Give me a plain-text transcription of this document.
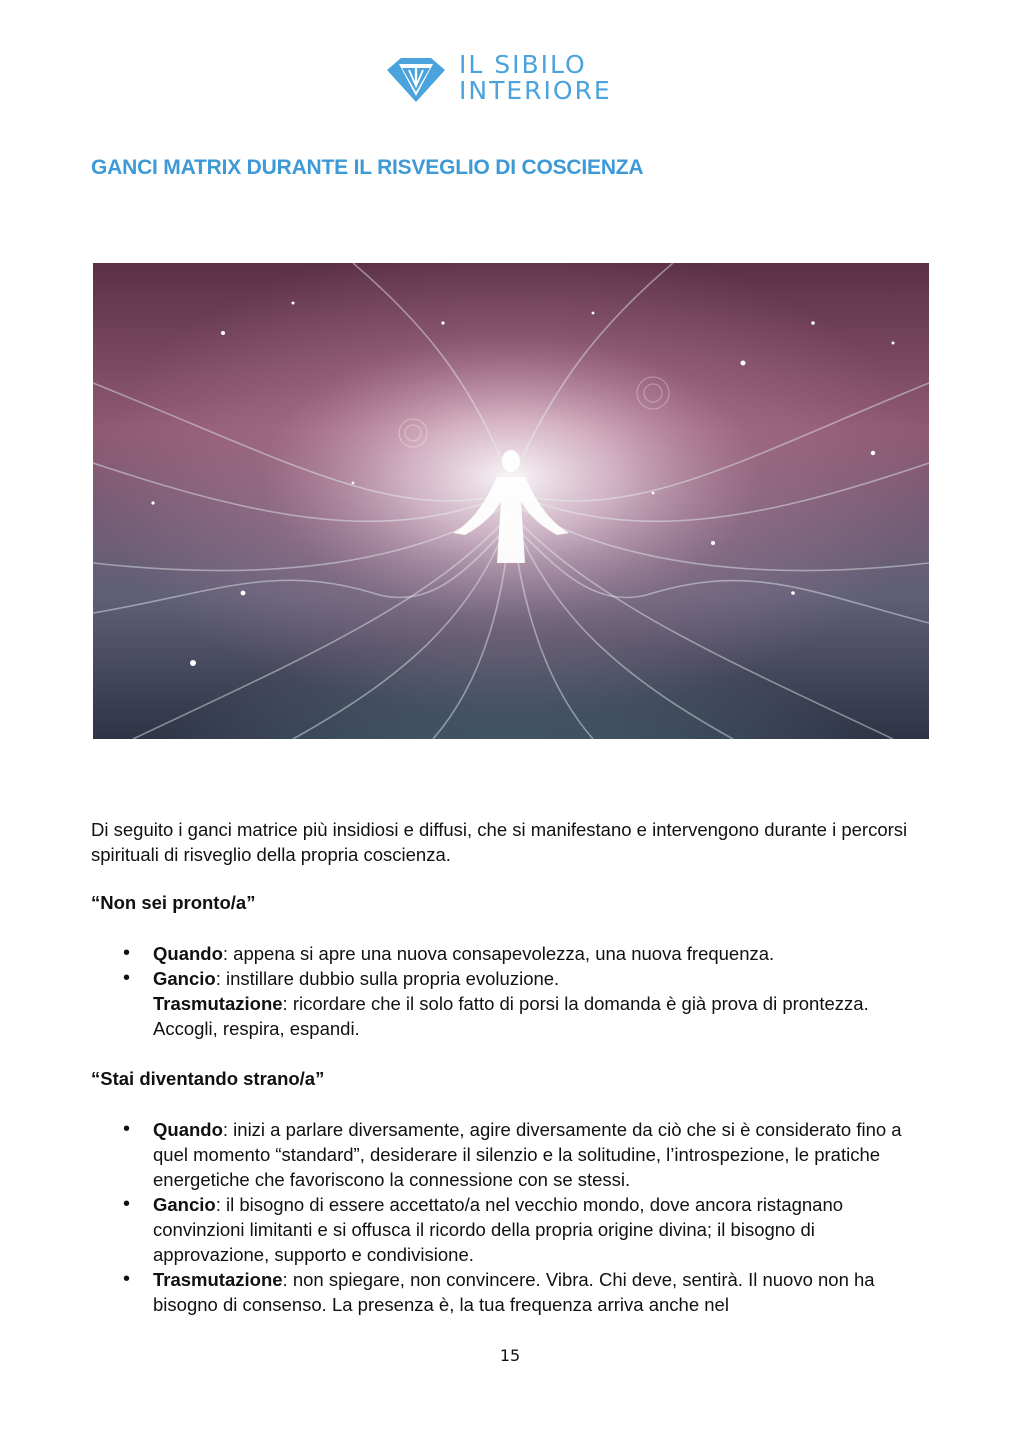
IL SIBILO
INTERIORE
GANCI MATRIX DURANTE IL RISVEGLIO DI COSCIENZA
Di seguito i ganci matrice più insidiosi e diffusi, che si manifestano e intervengono durante i percorsi spirituali di risveglio della propria coscienza.
“Non sei pronto/a”
• Quando: appena si apre una nuova consapevolezza, una nuova frequenza.
• Gancio: instillare dubbio sulla propria evoluzione.
Trasmutazione: ricordare che il solo fatto di porsi la domanda è già prova di prontezza. Accogli, respira, espandi.
“Stai diventando strano/a”
• Quando: inizi a parlare diversamente, agire diversamente da ciò che si è considerato fino a quel momento “standard”, desiderare il silenzio e la solitudine, l’introspezione, le pratiche energetiche che favoriscono la connessione con se stessi.
• Gancio: il bisogno di essere accettato/a nel vecchio mondo, dove ancora ristagnano convinzioni limitanti e si offusca il ricordo della propria origine divina; il bisogno di approvazione, supporto e condivisione.
• Trasmutazione: non spiegare, non convincere. Vibra. Chi deve, sentirà. Il nuovo non ha bisogno di consenso. La presenza è, la tua frequenza arriva anche nel
15
